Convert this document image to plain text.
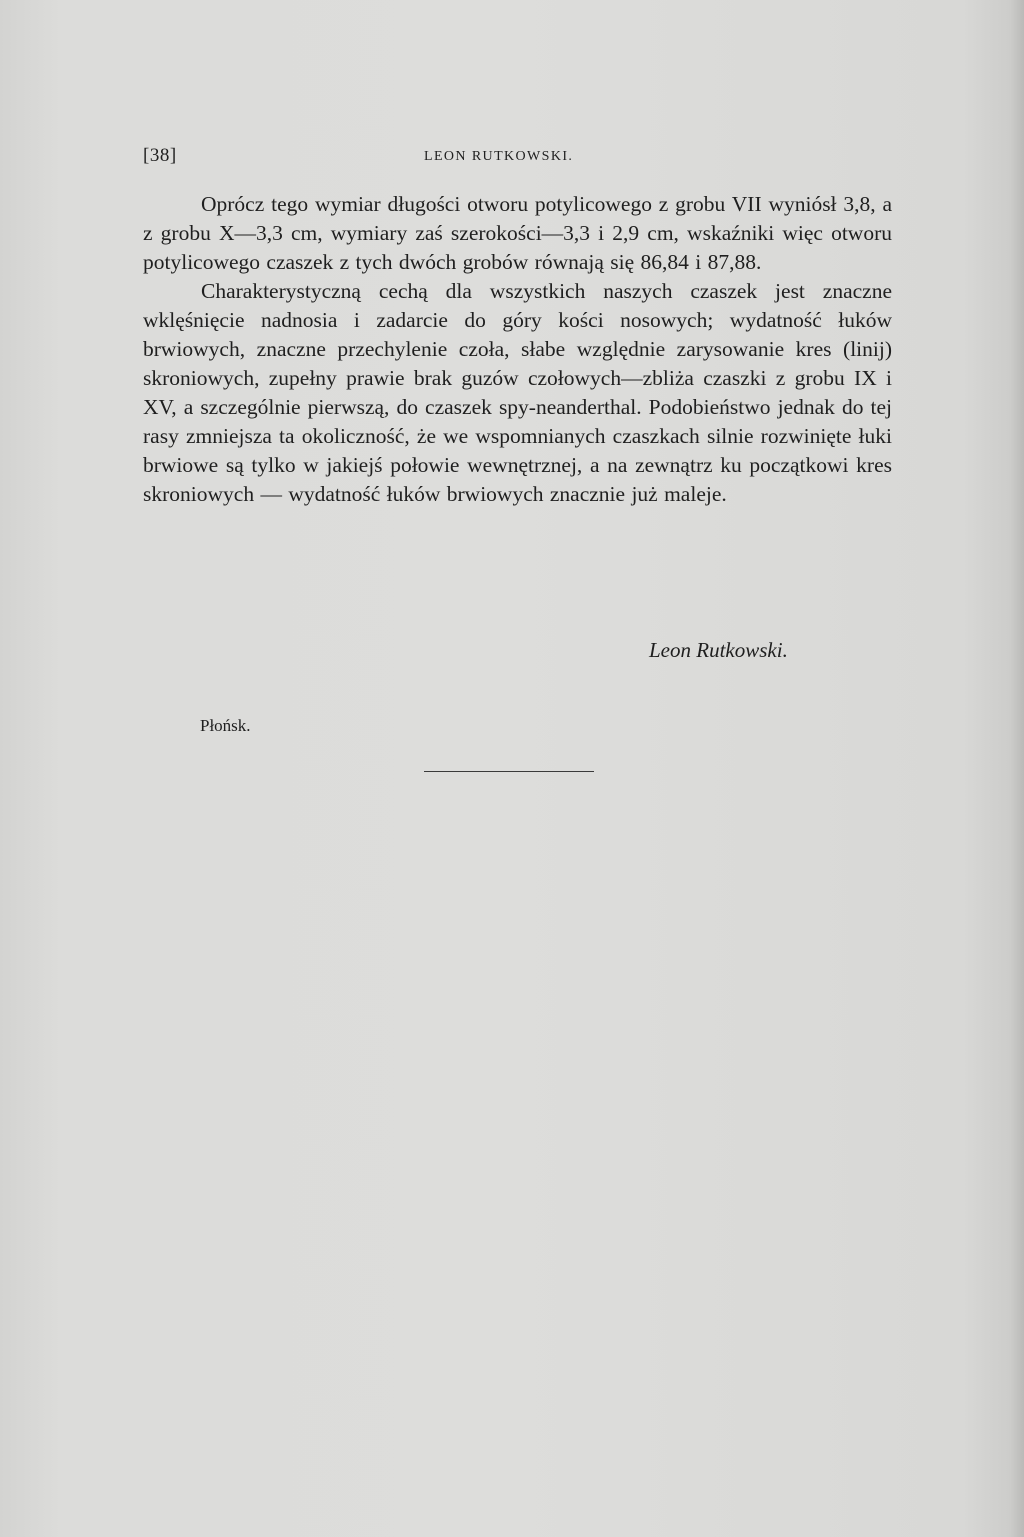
[38]	LEON RUTKOWSKI.

Oprócz tego wymiar długości otworu potylicowego z grobu VII wyniósł 3,8, a z grobu X—3,3 cm, wymiary zaś szerokości—3,3 i 2,9 cm, wskaźniki więc otworu potylicowego czaszek z tych dwóch grobów równają się 86,84 i 87,88.

Charakterystyczną cechą dla wszystkich naszych czaszek jest znaczne wklęśnięcie nadnosia i zadarcie do góry kości nosowych; wydatność łuków brwiowych, znaczne przechylenie czoła, słabe względnie zarysowanie kres (linij) skroniowych, zupełny prawie brak guzów czołowych—zbliża czaszki z grobu IX i XV, a szczególnie pierwszą, do czaszek spy-neanderthal. Podobieństwo jednak do tej rasy zmniejsza ta okoliczność, że we wspomnianych czaszkach silnie rozwinięte łuki brwiowe są tylko w jakiejś połowie wewnętrznej, a na zewnątrz ku początkowi kres skroniowych — wydatność łuków brwiowych znacznie już maleje.

Leon Rutkowski.
Płońsk.
